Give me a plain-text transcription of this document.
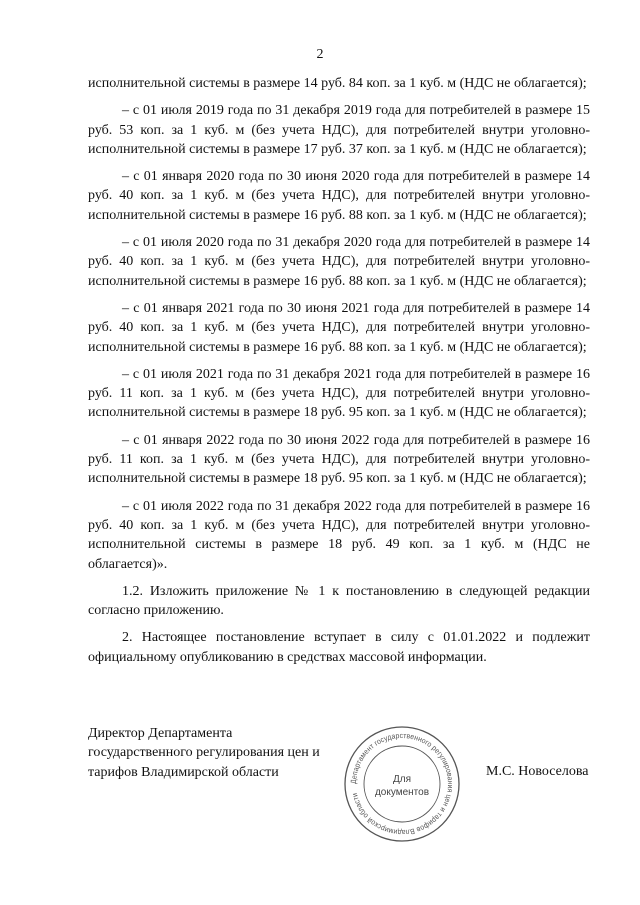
2

исполнительной системы в размере 14 руб. 84 коп. за 1 куб. м (НДС не облагается);

– с 01 июля 2019 года по 31 декабря 2019 года для потребителей в размере 15 руб. 53 коп. за 1 куб. м (без учета НДС), для потребителей внутри уголовно-исполнительной системы в размере 17 руб. 37 коп. за 1 куб. м (НДС не облагается);

– с 01 января 2020 года по 30 июня 2020 года для потребителей в размере 14 руб. 40 коп. за 1 куб. м (без учета НДС), для потребителей внутри уголовно-исполнительной системы в размере 16 руб. 88 коп. за 1 куб. м (НДС не облагается);

– с 01 июля 2020 года по 31 декабря 2020 года для потребителей в размере 14 руб. 40 коп. за 1 куб. м (без учета НДС), для потребителей внутри уголовно-исполнительной системы в размере 16 руб. 88 коп. за 1 куб. м (НДС не облагается);

– с 01 января 2021 года по 30 июня 2021 года для потребителей в размере 14 руб. 40 коп. за 1 куб. м (без учета НДС), для потребителей внутри уголовно-исполнительной системы в размере 16 руб. 88 коп. за 1 куб. м (НДС не облагается);

– с 01 июля 2021 года по 31 декабря 2021 года для потребителей в размере 16 руб. 11 коп. за 1 куб. м (без учета НДС), для потребителей внутри уголовно-исполнительной системы в размере 18 руб. 95 коп. за 1 куб. м (НДС не облагается);

– с 01 января 2022 года по 30 июня 2022 года для потребителей в размере 16 руб. 11 коп. за 1 куб. м (без учета НДС), для потребителей внутри уголовно-исполнительной системы в размере 18 руб. 95 коп. за 1 куб. м (НДС не облагается);

– с 01 июля 2022 года по 31 декабря 2022 года для потребителей в размере 16 руб. 40 коп. за 1 куб. м (без учета НДС), для потребителей внутри уголовно-исполнительной системы в размере 18 руб. 49 коп. за 1 куб. м (НДС не облагается)».

1.2. Изложить приложение № 1 к постановлению в следующей редакции согласно приложению.

2. Настоящее постановление вступает в силу с 01.01.2022 и подлежит официальному опубликованию в средствах массовой информации.

Директор Департамента
государственного регулирования цен и
тарифов Владимирской области
Департамент государственного регулирования цен и тарифов Владимирской области
Для
документов
М.С. Новоселова
